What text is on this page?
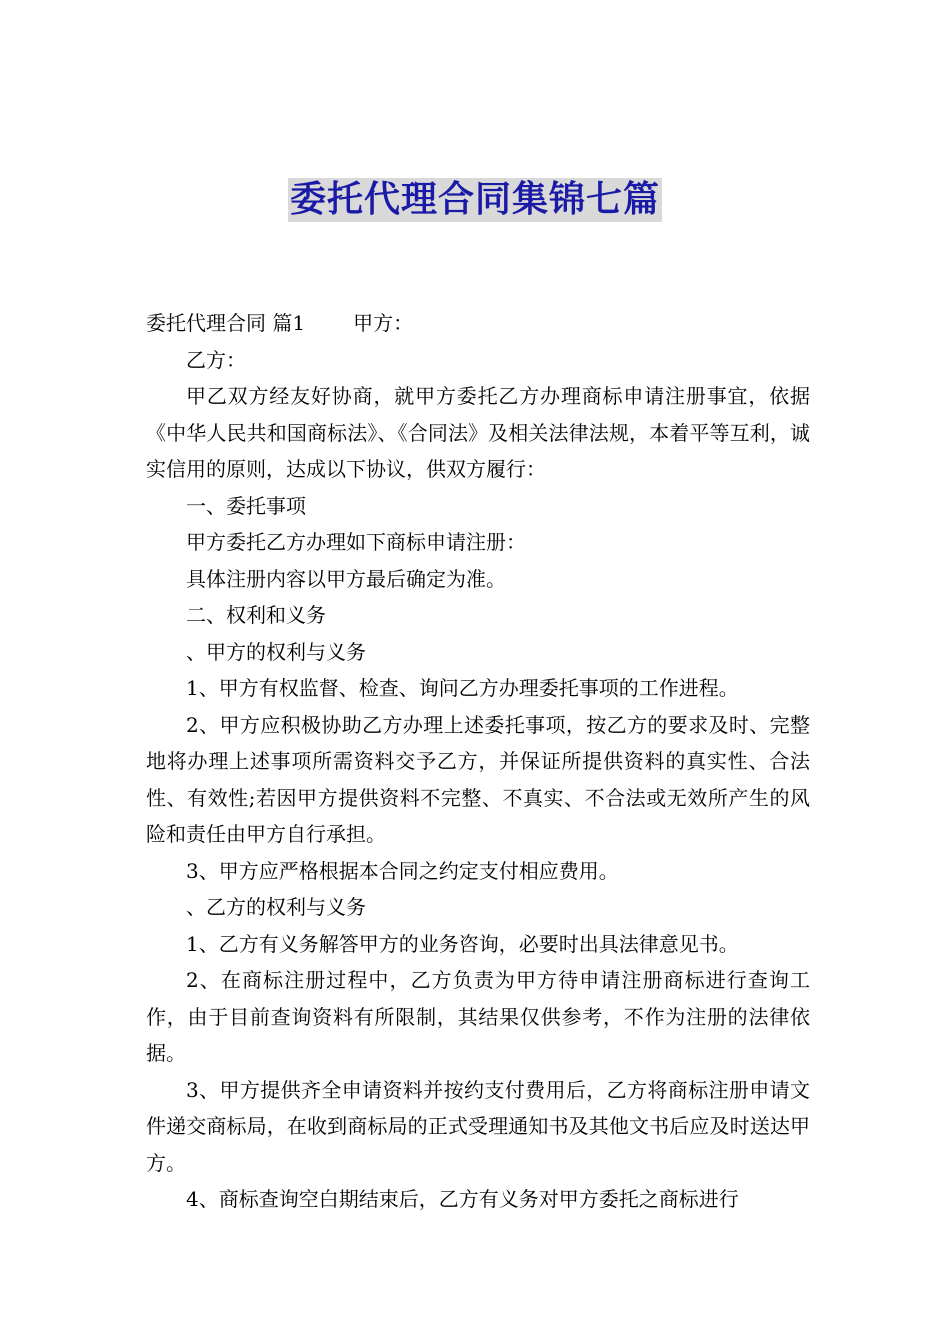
委托代理合同集锦七篇

委托代理合同 篇1 甲方：

乙方：

甲乙双方经友好协商，就甲方委托乙方办理商标申请注册事宜，依据《中华人民共和国商标法》、《合同法》及相关法律法规，本着平等互利，诚实信用的原则，达成以下协议，供双方履行：

一、委托事项

甲方委托乙方办理如下商标申请注册：

具体注册内容以甲方最后确定为准。

二、权利和义务

、甲方的权利与义务

1、甲方有权监督、检查、询问乙方办理委托事项的工作进程。

2、甲方应积极协助乙方办理上述委托事项，按乙方的要求及时、完整地将办理上述事项所需资料交予乙方，并保证所提供资料的真实性、合法性、有效性;若因甲方提供资料不完整、不真实、不合法或无效所产生的风险和责任由甲方自行承担。

3、甲方应严格根据本合同之约定支付相应费用。

、乙方的权利与义务

1、乙方有义务解答甲方的业务咨询，必要时出具法律意见书。

2、在商标注册过程中，乙方负责为甲方待申请注册商标进行查询工作，由于目前查询资料有所限制，其结果仅供参考，不作为注册的法律依据。

3、甲方提供齐全申请资料并按约支付费用后，乙方将商标注册申请文件递交商标局，在收到商标局的正式受理通知书及其他文书后应及时送达甲方。

4、商标查询空白期结束后，乙方有义务对甲方委托之商标进行
